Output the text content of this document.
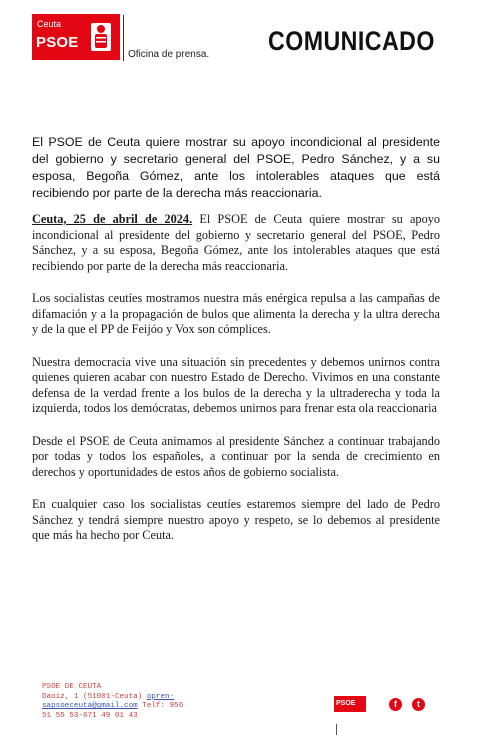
Ceuta
PSOE
Oficina de prensa. COMUNICADO
El PSOE de Ceuta quiere mostrar su apoyo incondicional al presidente del gobierno y secretario general del PSOE, Pedro Sánchez, y a su esposa, Begoña Gómez, ante los intolerables ataques que está recibiendo por parte de la derecha más reaccionaria.

Ceuta, 25 de abril de 2024. El PSOE de Ceuta quiere mostrar su apoyo incondicional al presidente del gobierno y secretario general del PSOE, Pedro Sánchez, y a su esposa, Begoña Gómez, ante los intolerables ataques que está recibiendo por parte de la derecha más reaccionaria.

Los socialistas ceutíes mostramos nuestra más enérgica repulsa a las campañas de difamación y a la propagación de bulos que alimenta la derecha y la ultra derecha y de la que el PP de Feijóo y Vox son cómplices.

Nuestra democracia vive una situación sin precedentes y debemos unirnos contra quienes quieren acabar con nuestro Estado de Derecho. Vivimos en una constante defensa de la verdad frente a los bulos de la derecha y la ultraderecha y toda la izquierda, todos los demócratas, debemos unirnos para frenar esta ola reaccionaria

Desde el PSOE de Ceuta animamos al presidente Sánchez a continuar trabajando por todas y todos los españoles, a continuar por la senda de crecimiento en derechos y oportunidades de estos años de gobierno socialista.

En cualquier caso los socialistas ceutíes estaremos siempre del lado de Pedro Sánchez y tendrá siempre nuestro apoyo y respeto, se lo debemos al presidente que más ha hecho por Ceuta.

PSOE DE CEUTA
Daoiz, 1 (51001-Ceuta) opren-
sapsoeceuta@gmail.com Telf: 956
51 55 53-671 49 01 43
PSOE	f	t
